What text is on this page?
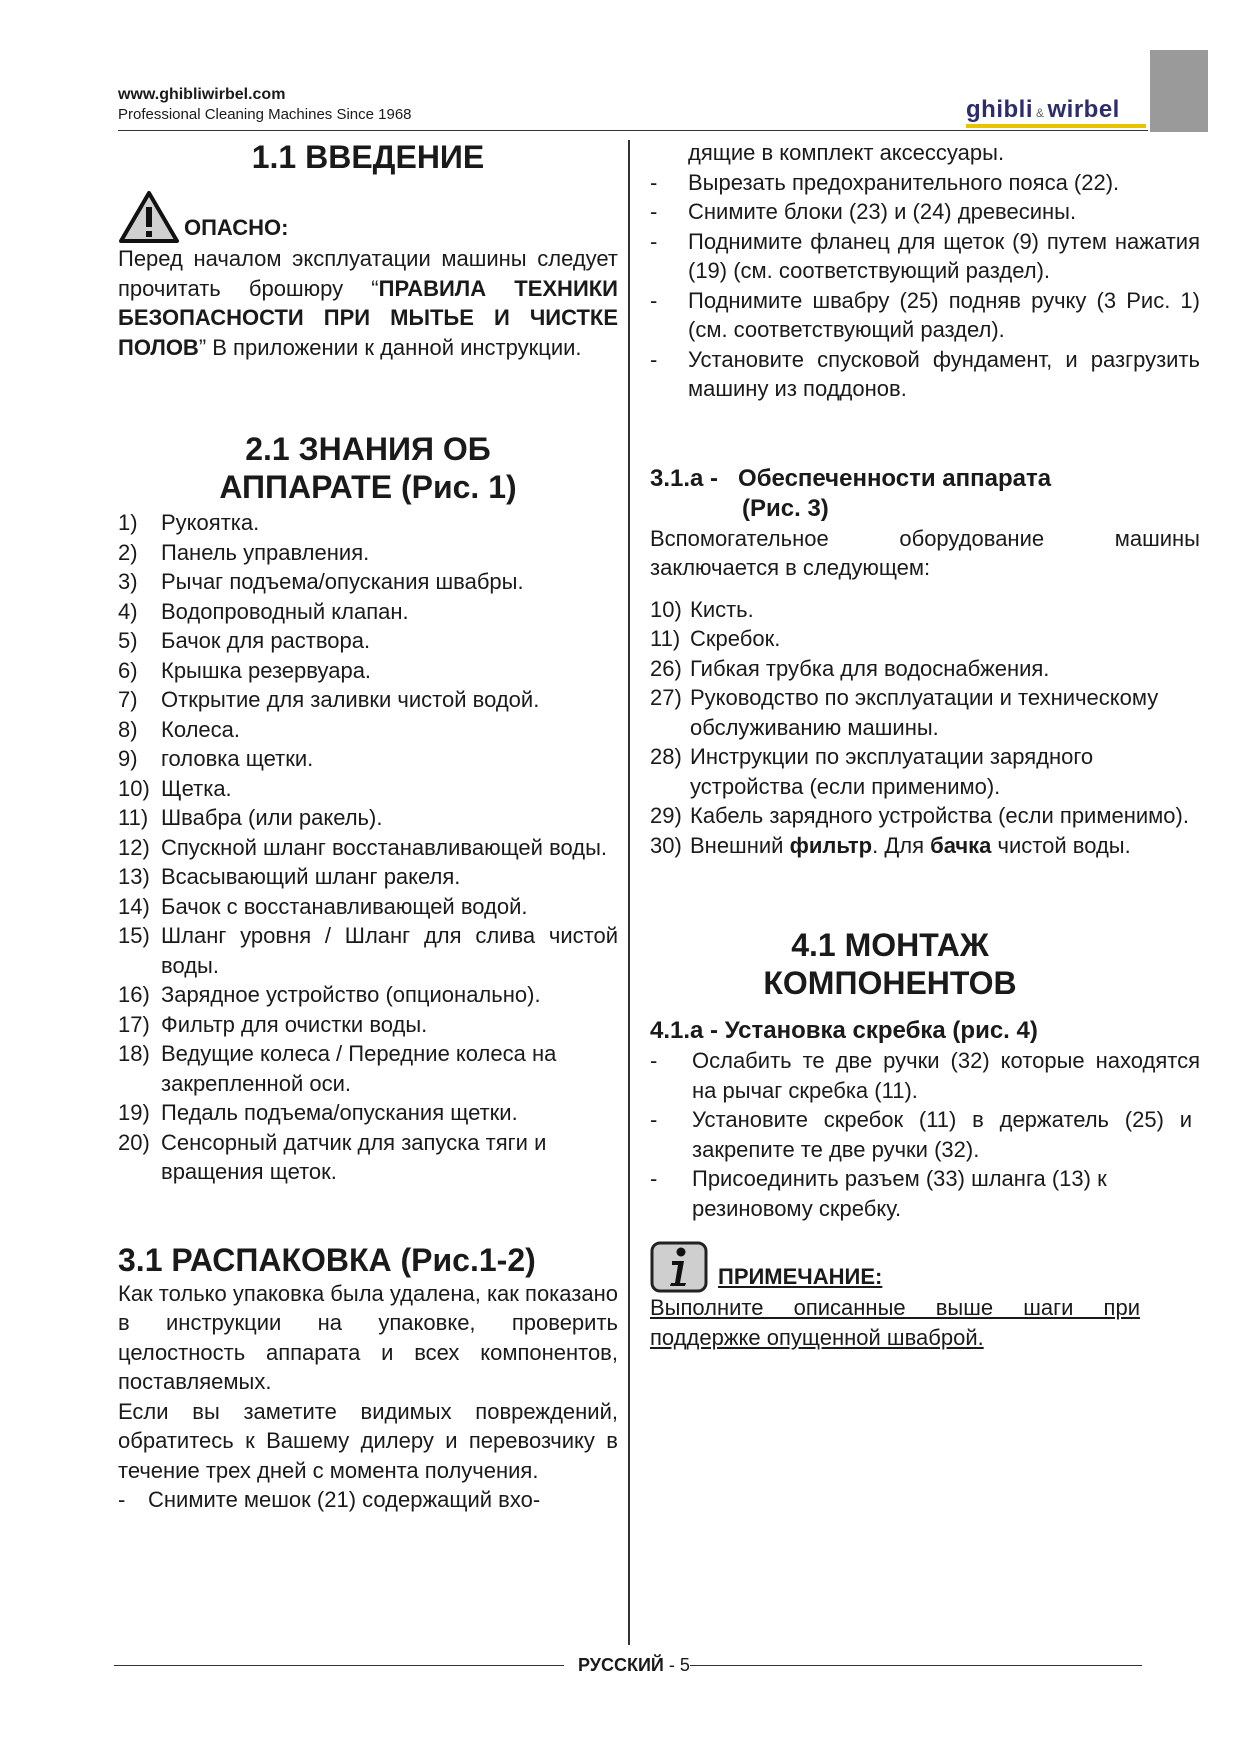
www.ghibliwirbel.com
Professional Cleaning Machines Since 1968	ghibli & wirbel
1.1 ВВЕДЕНИЕ
ОПАСНО:

Перед началом эксплуатации машины следует прочитать брошюру “ПРАВИЛА ТЕХНИКИ БЕЗОПАСНОСТИ ПРИ МЫТЬЕ И ЧИСТКЕ ПОЛОВ” В приложении к данной инструкции.

2.1 ЗНАНИЯ ОБ
АППАРАТЕ (Рис. 1)
1) Рукоятка.
2) Панель управления.
3) Рычаг подъема/опускания швабры.
4) Водопроводный клапан.
5) Бачок для раствора.
6) Крышка резервуара.
7) Открытие для заливки чистой водой.
8) Колеса.
9) головка щетки.
10) Щетка.
11) Швабра (или ракель).
12) Спускной шланг восстанавливающей воды.
13) Всасывающий шланг ракеля.
14) Бачок с восстанавливающей водой.
15) Шланг уровня / Шланг для слива чистой воды.
16) Зарядное устройство (опционально).
17) Фильтр для очистки воды.
18) Ведущие колеса / Передние колеса на закрепленной оси.
19) Педаль подъема/опускания щетки.
20) Сенсорный датчик для запуска тяги и вращения щеток.
3.1 РАСПАКОВКА (Рис.1-2)

Как только упаковка была удалена, как показано в инструкции на упаковке, проверить целостность аппарата и всех компонентов, поставляемых.

Если вы заметите видимых повреждений, обратитесь к Вашему дилеру и перевозчику в течение трех дней с момента получения.

- Снимите мешок (21) содержащий вхо-
дящие в комплект аксессуары.
- Вырезать предохранительного пояса (22).
- Снимите блоки (23) и (24) древесины.
- Поднимите фланец для щеток (9) путем нажатия (19) (см. соответствующий раздел).
- Поднимите швабру (25) подняв ручку (3 Рис. 1) (см. соответствующий раздел).
- Установите спусковой фундамент, и разгрузить машину из поддонов.
3.1.а -   Обеспеченности аппарата
(Рис. 3)

Вспомогательное оборудование машины заключается в следующем:

10) Кисть.
11) Скребок.
26) Гибкая трубка для водоснабжения.
27) Руководство по эксплуатации и техническому обслуживанию машины.
28) Инструкции по эксплуатации зарядного устройства (если применимо).
29) Кабель зарядного устройства (если применимо).
30) Внешний фильтр. Для бачка чистой воды.
4.1 МОНТАЖ
КОМПОНЕНТОВ
4.1.а - Установка скребка (рис. 4)
- Ослабить те две ручки (32) которые находятся на рычаг скребка (11).
- Установите скребок (11) в держатель (25) и закрепите те две ручки (32).
- Присоединить разъем (33) шланга (13) к резиновому скребку.
ПРИМЕЧАНИЕ:

Выполните описанные выше шаги при поддержке опущенной шваброй.

РУССКИЙ - 5
